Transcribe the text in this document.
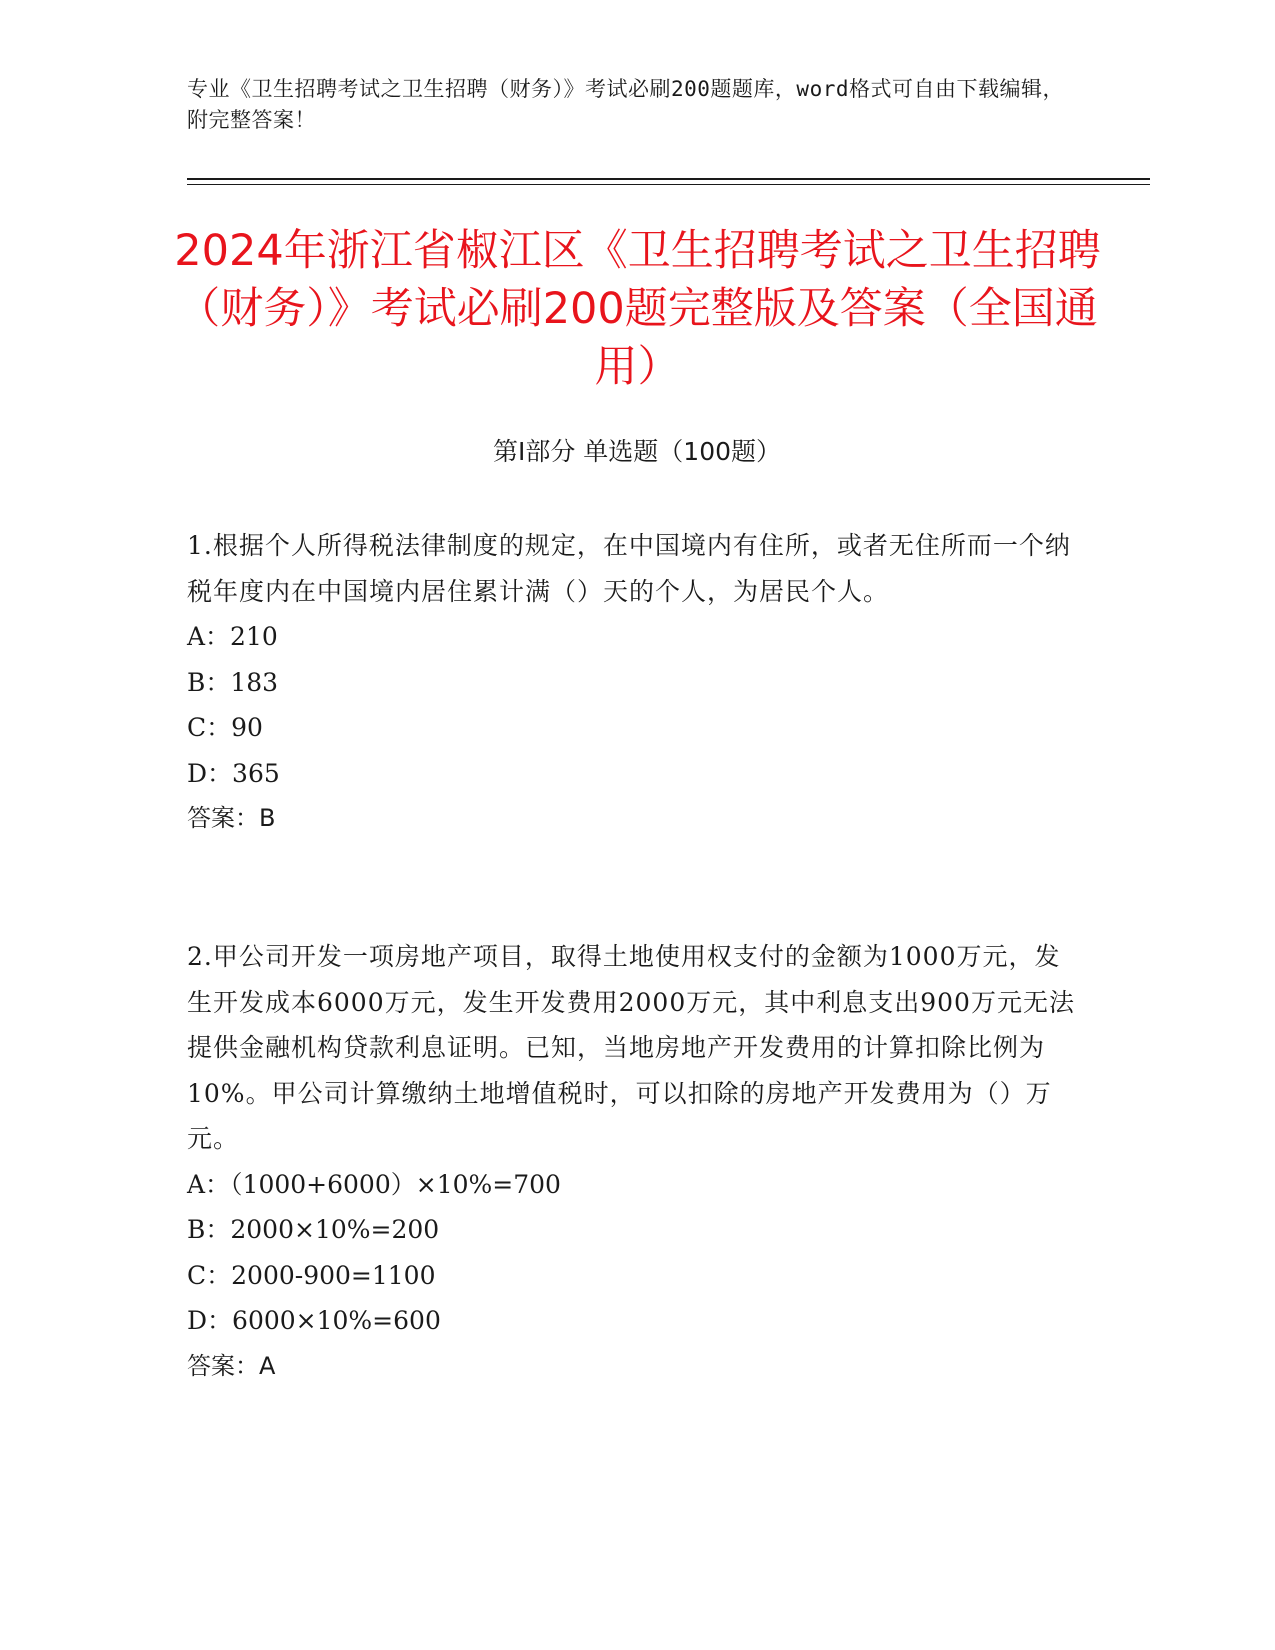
专业《卫生招聘考试之卫生招聘（财务）》考试必刷200题题库，word格式可自由下载编辑，附完整答案！
2024年浙江省椒江区《卫生招聘考试之卫生招聘（财务）》考试必刷200题完整版及答案（全国通用）
第Ⅰ部分 单选题（100题）

1.根据个人所得税法律制度的规定，在中国境内有住所，或者无住所而一个纳税年度内在中国境内居住累计满（）天的个人，为居民个人。

A：210

B：183

C：90

D：365

答案：B

2.甲公司开发一项房地产项目，取得土地使用权支付的金额为1000万元，发生开发成本6000万元，发生开发费用2000万元，其中利息支出900万元无法提供金融机构贷款利息证明。已知，当地房地产开发费用的计算扣除比例为10%。甲公司计算缴纳土地增值税时，可以扣除的房地产开发费用为（）万元。

A：（1000+6000）×10%=700

B：2000×10%=200

C：2000-900=1100

D：6000×10%=600

答案：A
